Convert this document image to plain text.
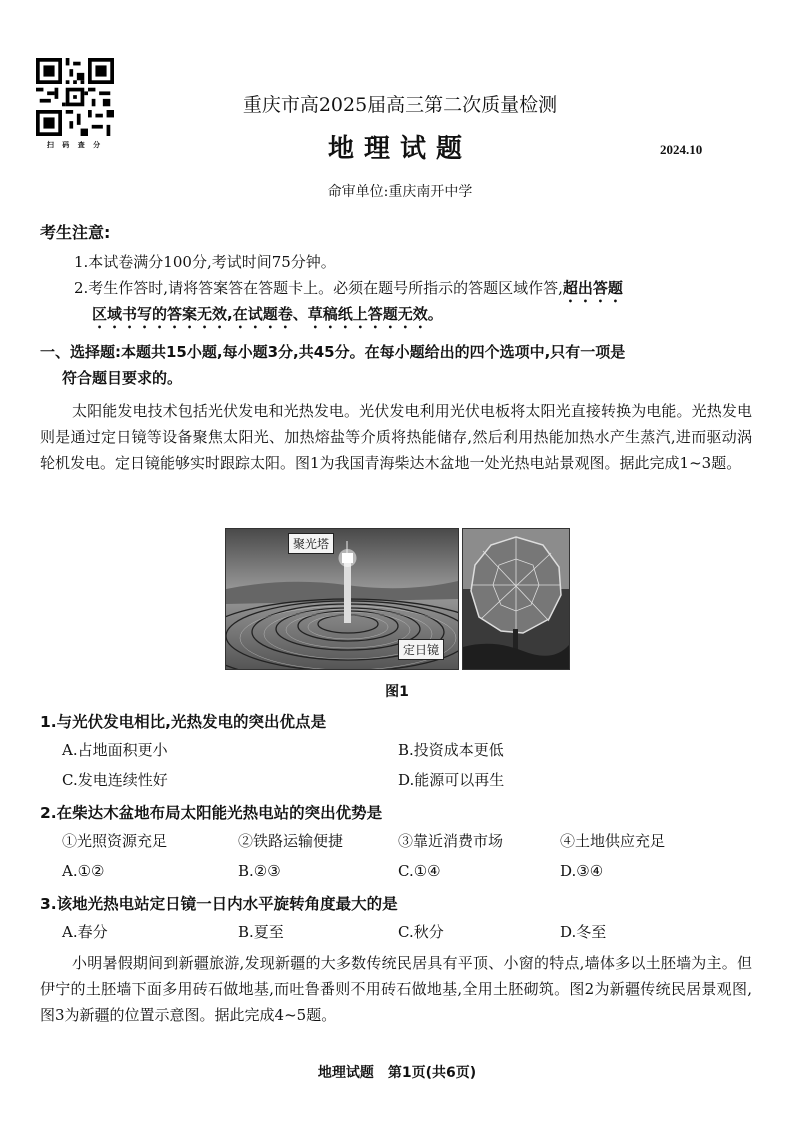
扫 码 查 分
重庆市高2025届高三第二次质量检测
地理试题	2024.10
命审单位:重庆南开中学
考生注意:
1.本试卷满分100分,考试时间75分钟。
2.考生作答时,请将答案答在答题卡上。必须在题号所指示的答题区域作答,超出答题
区域书写的答案无效,在试题卷、草稿纸上答题无效。
一、选择题:本题共15小题,每小题3分,共45分。在每小题给出的四个选项中,只有一项是
符合题目要求的。
太阳能发电技术包括光伏发电和光热发电。光伏发电利用光伏电板将太阳光直接转换为电能。光热发电则是通过定日镜等设备聚焦太阳光、加热熔盐等介质将热能储存,然后利用热能加热水产生蒸汽,进而驱动涡轮机发电。定日镜能够实时跟踪太阳。图1为我国青海柴达木盆地一处光热电站景观图。据此完成1~3题。
聚光塔
定日镜
图1
1.与光伏发电相比,光热发电的突出优点是
A.占地面积更小	B.投资成本更低
C.发电连续性好	D.能源可以再生
2.在柴达木盆地布局太阳能光热电站的突出优势是
①光照资源充足	②铁路运输便捷	③靠近消费市场	④土地供应充足
A.①②	B.②③	C.①④	D.③④
3.该地光热电站定日镜一日内水平旋转角度最大的是
A.春分	B.夏至	C.秋分	D.冬至
小明暑假期间到新疆旅游,发现新疆的大多数传统民居具有平顶、小窗的特点,墙体多以土胚墙为主。但伊宁的土胚墙下面多用砖石做地基,而吐鲁番则不用砖石做地基,全用土胚砌筑。图2为新疆传统民居景观图,图3为新疆的位置示意图。据此完成4~5题。
地理试题　第1页(共6页)
